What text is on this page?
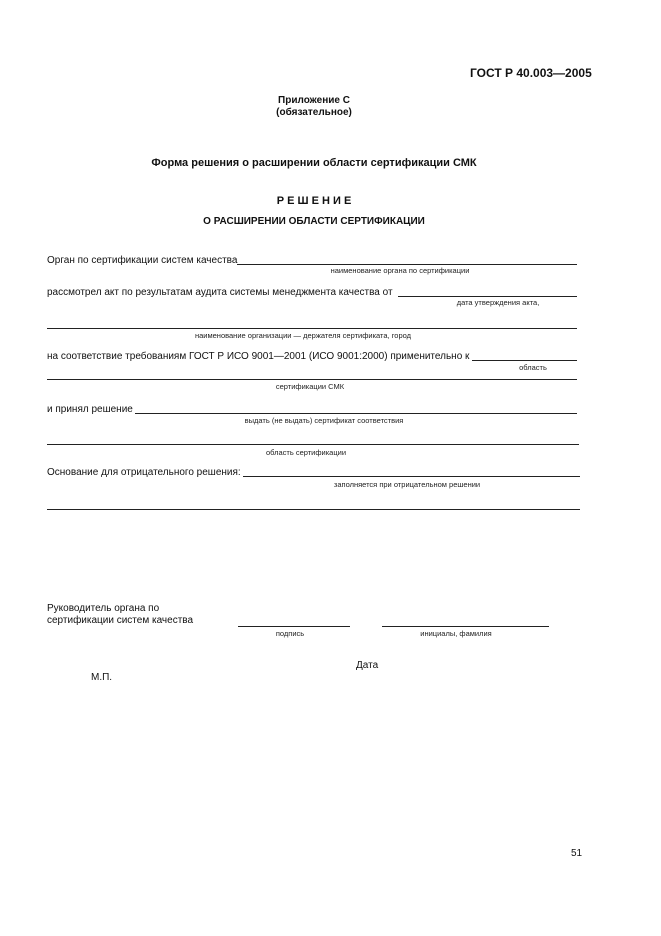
ГОСТ Р 40.003—2005
Приложение С
(обязательное)
Форма решения о расширении области сертификации СМК
Р Е Ш Е Н И Е
О РАСШИРЕНИИ ОБЛАСТИ СЕРТИФИКАЦИИ
Орган по сертификации систем качества
наименование органа по сертификации
рассмотрел акт по результатам аудита системы менеджмента качества от
дата утверждения акта,
наименование организации — держателя сертификата, город
на соответствие требованиям ГОСТ Р ИСО 9001—2001 (ИСО 9001:2000) применительно к
область
сертификации СМК
и принял решение
выдать (не выдать) сертификат соответствия
область сертификации
Основание для отрицательного решения:
заполняется при отрицательном решении
Руководитель органа по
сертификации систем качества
подпись	инициалы, фамилия
Дата
М.П.
51
